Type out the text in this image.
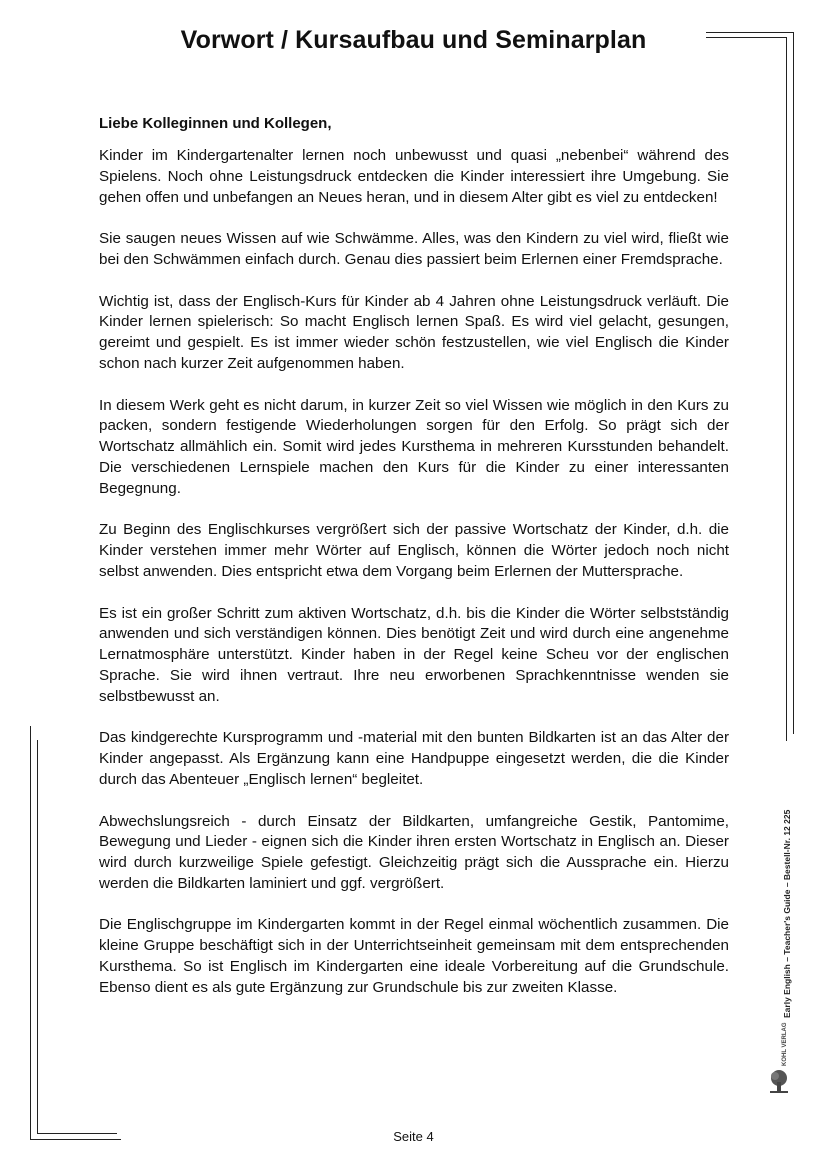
Vorwort / Kursaufbau und Seminarplan
Liebe Kolleginnen und Kollegen,

Kinder im Kindergartenalter lernen noch unbewusst und quasi „nebenbei“ während des Spielens. Noch ohne Leistungsdruck entdecken die Kinder interessiert ihre Umgebung. Sie gehen offen und unbefangen an Neues heran, und in diesem Alter gibt es viel zu entdecken!

Sie saugen neues Wissen auf wie Schwämme. Alles, was den Kindern zu viel wird, fließt wie bei den Schwämmen einfach durch. Genau dies passiert beim Erlernen einer Fremdsprache.

Wichtig ist, dass der Englisch-Kurs für Kinder ab 4 Jahren ohne Leistungsdruck verläuft. Die Kinder lernen spielerisch: So macht Englisch lernen Spaß. Es wird viel gelacht, gesungen, gereimt und gespielt. Es ist immer wieder schön festzustellen, wie viel Englisch die Kinder schon nach kurzer Zeit aufgenommen haben.

In diesem Werk geht es nicht darum, in kurzer Zeit so viel Wissen wie möglich in den Kurs zu packen, sondern festigende Wiederholungen sorgen für den Erfolg. So prägt sich der Wortschatz allmählich ein. Somit wird jedes Kursthema in mehreren Kursstunden behandelt. Die verschiedenen Lernspiele machen den Kurs für die Kinder zu einer interessanten Begegnung.

Zu Beginn des Englischkurses vergrößert sich der passive Wortschatz der Kinder, d.h. die Kinder verstehen immer mehr Wörter auf Englisch, können die Wörter jedoch noch nicht selbst anwenden. Dies entspricht etwa dem Vorgang beim Erlernen der Muttersprache.

Es ist ein großer Schritt zum aktiven Wortschatz, d.h. bis die Kinder die Wörter selbstständig anwenden und sich verständigen können. Dies benötigt Zeit und wird durch eine angenehme Lernatmosphäre unterstützt. Kinder haben in der Regel keine Scheu vor der englischen Sprache. Sie wird ihnen vertraut. Ihre neu erworbenen Sprachkenntnisse wenden sie selbstbewusst an.

Das kindgerechte Kursprogramm und -material mit den bunten Bildkarten ist an das Alter der Kinder angepasst. Als Ergänzung kann eine Handpuppe eingesetzt werden, die die Kinder durch das Abenteuer „Englisch lernen“ begleitet.

Abwechslungsreich - durch Einsatz der Bildkarten, umfangreiche Gestik, Pantomime, Bewegung und Lieder - eignen sich die Kinder ihren ersten Wortschatz in Englisch an. Dieser wird durch kurzweilige Spiele gefestigt. Gleichzeitig prägt sich die Aussprache ein. Hierzu werden die Bildkarten laminiert und ggf. vergrößert.

Die Englischgruppe im Kindergarten kommt in der Regel einmal wöchentlich zusammen. Die kleine Gruppe beschäftigt sich in der Unterrichtseinheit gemeinsam mit dem entsprechenden Kursthema. So ist Englisch im Kindergarten eine ideale Vorbereitung auf die Grundschule. Ebenso dient es als gute Ergänzung zur Grundschule bis zur zweiten Klasse.	Early English – Teacher's Guide – Bestell-Nr. 12 225
KOHL VERLAG
Seite 4
